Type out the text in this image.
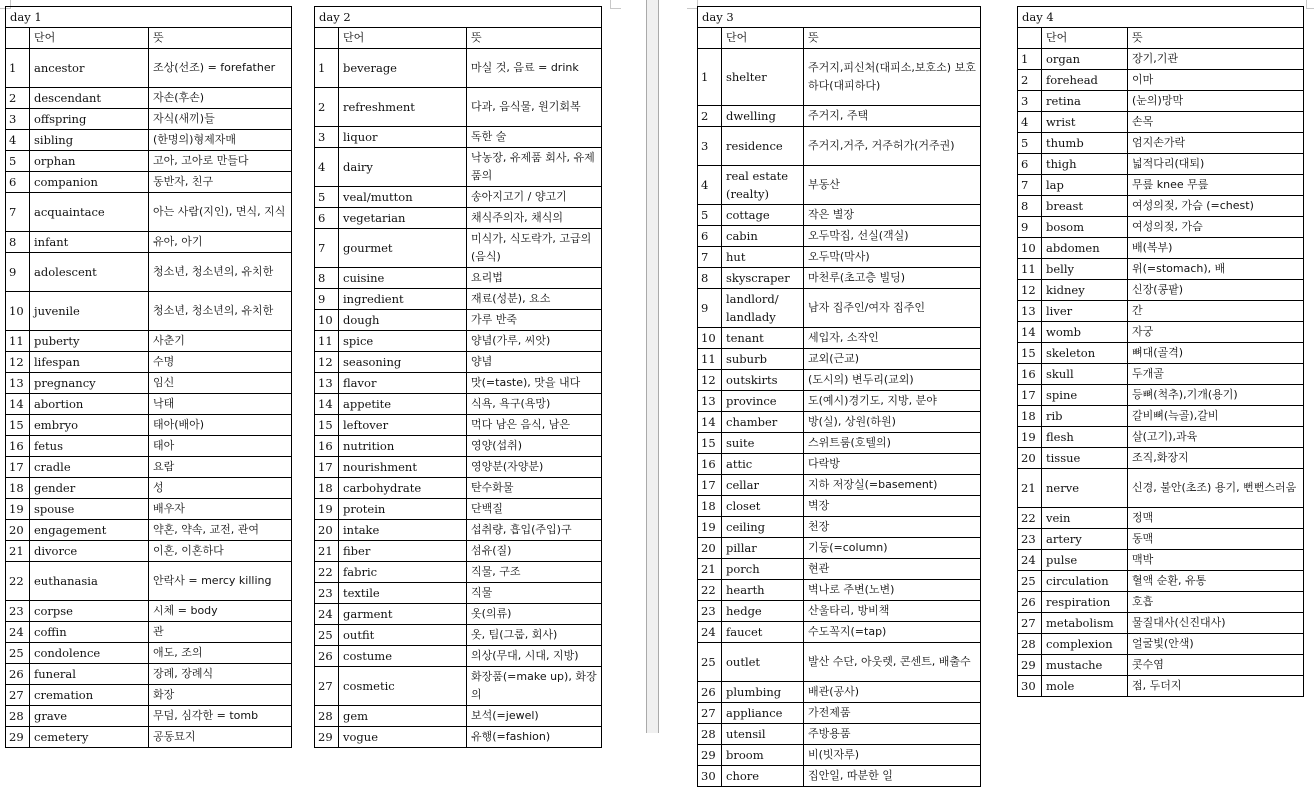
day 1		
	단어	뜻
1	ancestor	조상(선조) = forefather
2	descendant	자손(후손)
3	offspring	자식(새끼)들
4	sibling	(한명의)형제자매
5	orphan	고아, 고아로 만들다
6	companion	동반자, 친구
7	acquaintace	아는 사람(지인), 면식, 지식
8	infant	유아, 아기
9	adolescent	청소년, 청소년의, 유치한
10	juvenile	청소년, 청소년의, 유치한
11	puberty	사춘기
12	lifespan	수명
13	pregnancy	임신
14	abortion	낙태
15	embryo	태아(배아)
16	fetus	태아
17	cradle	요람
18	gender	성
19	spouse	배우자
20	engagement	약혼, 약속, 교전, 관여
21	divorce	이혼, 이혼하다
22	euthanasia	안락사 = mercy killing
23	corpse	시체 = body
24	coffin	관
25	condolence	애도, 조의
26	funeral	장례, 장례식
27	cremation	화장
28	grave	무덤, 심각한 = tomb
29	cemetery	공동묘지
day 2		
	단어	뜻
1	beverage	마실 것, 음료 = drink
2	refreshment	다과, 음식물, 원기회복
3	liquor	독한 술
4	dairy	낙농장, 유제품 회사, 유제품의
5	veal/mutton	송아지고기 / 양고기
6	vegetarian	채식주의자, 채식의
7	gourmet	미식가, 식도락가, 고급의(음식)
8	cuisine	요리법
9	ingredient	재료(성분), 요소
10	dough	가루 반죽
11	spice	양념(가루, 씨앗)
12	seasoning	양념
13	flavor	맛(=taste), 맛을 내다
14	appetite	식욕, 욕구(욕망)
15	leftover	먹다 남은 음식, 남은
16	nutrition	영양(섭취)
17	nourishment	영양분(자양분)
18	carbohydrate	탄수화물
19	protein	단백질
20	intake	섭취량, 흡입(주입)구
21	fiber	섬유(질)
22	fabric	직물, 구조
23	textile	직물
24	garment	옷(의류)
25	outfit	옷, 팀(그룹, 회사)
26	costume	의상(무대, 시대, 지방)
27	cosmetic	화장품(=make up), 화장의
28	gem	보석(=jewel)
29	vogue	유행(=fashion)
day 3		
	단어	뜻
1	shelter	주거지,피신처(대피소,보호소) 보호하다(대피하다)
2	dwelling	주거지, 주택
3	residence	주거지,거주, 거주허가(거주권)
4	real estate (realty)	부동산
5	cottage	작은 별장
6	cabin	오두막집, 선실(객실)
7	hut	오두막(막사)
8	skyscraper	마천루(초고층 빌딩)
9	landlord/ landlady	남자 집주인/여자 집주인
10	tenant	세입자, 소작인
11	suburb	교외(근교)
12	outskirts	(도시의) 변두리(교외)
13	province	도(예시)경기도, 지방, 분야
14	chamber	방(실), 상원(하원)
15	suite	스위트룸(호텔의)
16	attic	다락방
17	cellar	지하 저장실(=basement)
18	closet	벽장
19	ceiling	천장
20	pillar	기둥(=column)
21	porch	현관
22	hearth	벽나로 주변(노변)
23	hedge	산울타리, 방비책
24	faucet	수도꼭지(=tap)
25	outlet	발산 수단, 아웃렛, 콘센트, 배출수
26	plumbing	배관(공사)
27	appliance	가전제품
28	utensil	주방용품
29	broom	비(빗자루)
30	chore	집안일, 따분한 일
day 4		
	단어	뜻
1	organ	장기,기관
2	forehead	이마
3	retina	(눈의)망막
4	wrist	손목
5	thumb	엄지손가락
6	thigh	넓적다리(대퇴)
7	lap	무릎 knee 무릎
8	breast	여성의젖, 가슴 (=chest)
9	bosom	여성의젖, 가슴
10	abdomen	배(복부)
11	belly	위(=stomach), 배
12	kidney	신장(콩팥)
13	liver	간
14	womb	자궁
15	skeleton	뼈대(골격)
16	skull	두개골
17	spine	등뼈(척추),기개(용기)
18	rib	갈비뼈(늑골),갈비
19	flesh	살(고기),과육
20	tissue	조직,화장지
21	nerve	신경, 불안(초조) 용기, 뻔뻔스러움
22	vein	정맥
23	artery	동맥
24	pulse	맥박
25	circulation	혈액 순환, 유통
26	respiration	호흡
27	metabolism	물질대사(신진대사)
28	complexion	얼굴빛(안색)
29	mustache	콧수염
30	mole	점, 두더지
